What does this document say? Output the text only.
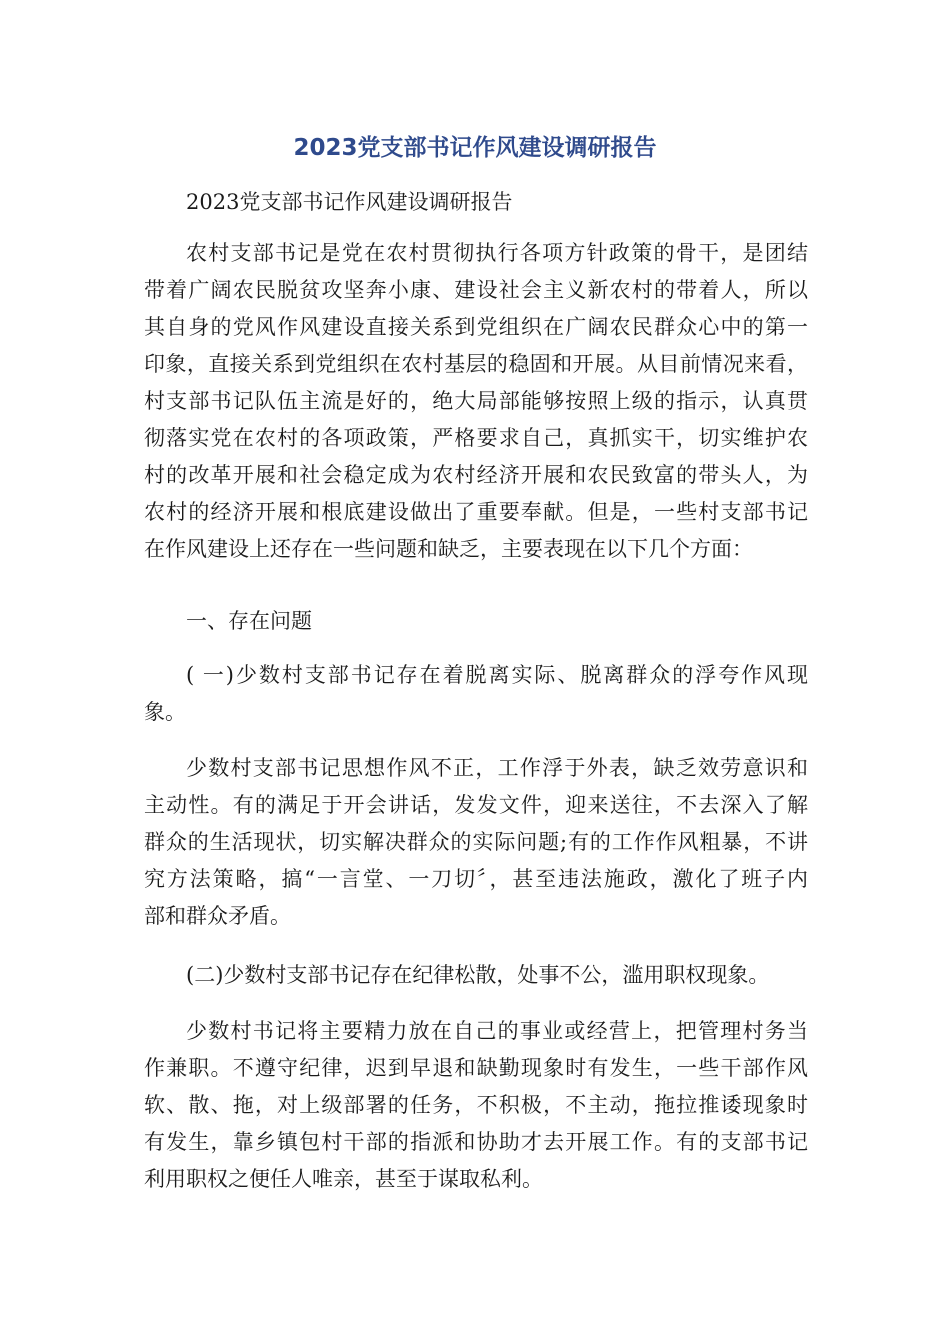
2023党支部书记作风建设调研报告
2023党支部书记作风建设调研报告
农村支部书记是党在农村贯彻执行各项方针政策的骨干，是团结
带着广阔农民脱贫攻坚奔小康、建设社会主义新农村的带着人，所以
其自身的党风作风建设直接关系到党组织在广阔农民群众心中的第一
印象，直接关系到党组织在农村基层的稳固和开展。从目前情况来看，
村支部书记队伍主流是好的，绝大局部能够按照上级的指示，认真贯
彻落实党在农村的各项政策，严格要求自己，真抓实干，切实维护农
村的改革开展和社会稳定成为农村经济开展和农民致富的带头人，为
农村的经济开展和根底建设做出了重要奉献。但是，一些村支部书记
在作风建设上还存在一些问题和缺乏，主要表现在以下几个方面：
一、存在问题
( 一)少数村支部书记存在着脱离实际、脱离群众的浮夸作风现
象。
少数村支部书记思想作风不正，工作浮于外表，缺乏效劳意识和
主动性。有的满足于开会讲话，发发文件，迎来送往，不去深入了解
群众的生活现状，切实解决群众的实际问题;有的工作作风粗暴，不讲
究方法策略，搞“一言堂、一刀切〞，甚至违法施政，激化了班子内
部和群众矛盾。
(二)少数村支部书记存在纪律松散，处事不公，滥用职权现象。
少数村书记将主要精力放在自己的事业或经营上，把管理村务当
作兼职。不遵守纪律，迟到早退和缺勤现象时有发生，一些干部作风
软、散、拖，对上级部署的任务，不积极，不主动，拖拉推诿现象时
有发生，靠乡镇包村干部的指派和协助才去开展工作。有的支部书记
利用职权之便任人唯亲，甚至于谋取私利。
